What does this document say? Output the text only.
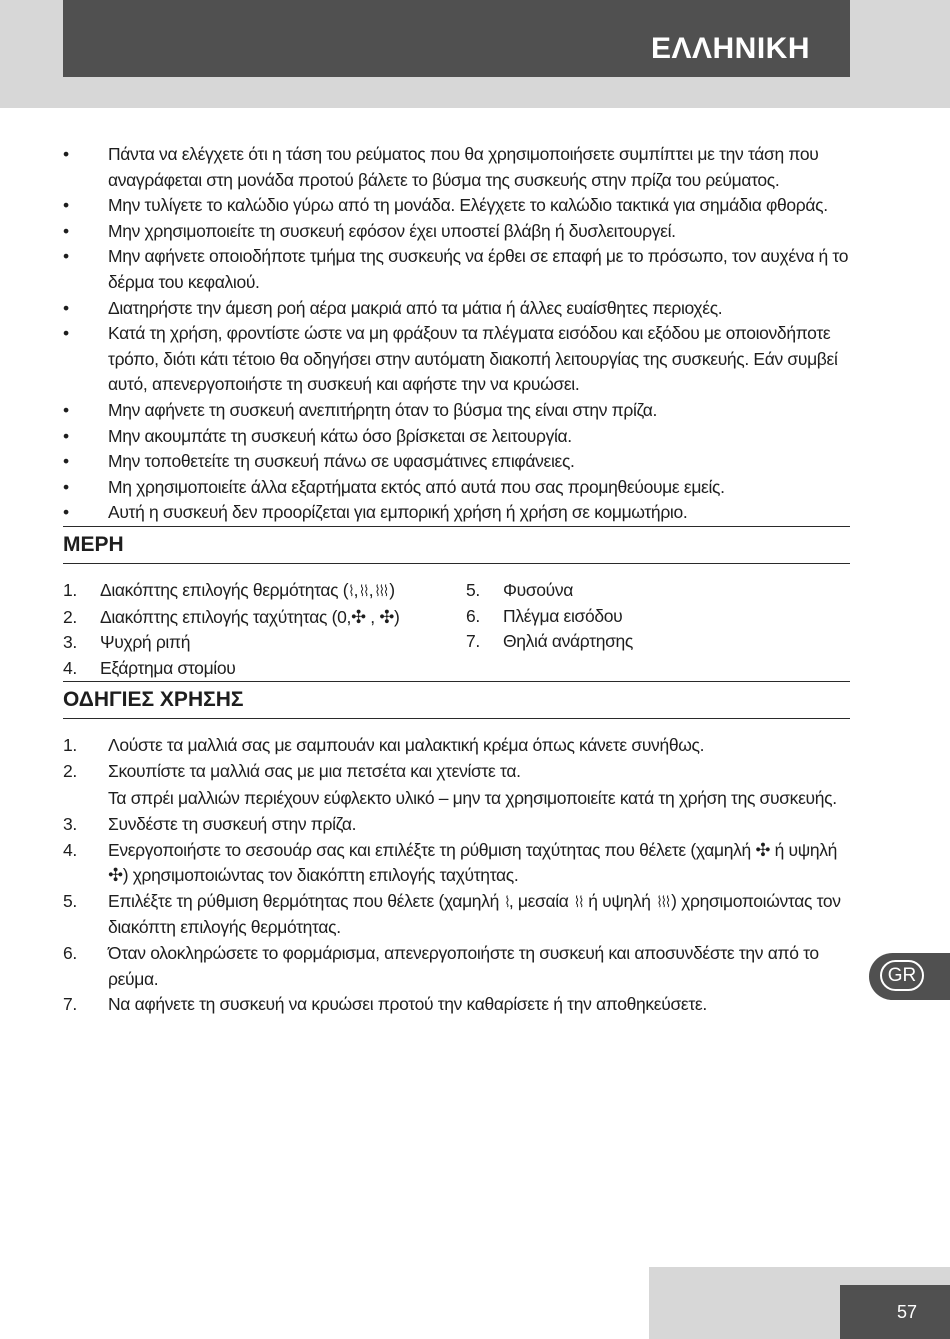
ΕΛΛΗΝΙΚΗ
• Πάντα να ελέγχετε ότι η τάση του ρεύματος που θα χρησιμοποιήσετε συμπίπτει με την τάση που αναγράφεται στη μονάδα προτού βάλετε το βύσμα της συσκευής στην πρίζα του ρεύματος.
• Μην τυλίγετε το καλώδιο γύρω από τη μονάδα. Ελέγχετε το καλώδιο τακτικά για σημάδια φθοράς.
• Μην χρησιμοποιείτε τη συσκευή εφόσον έχει υποστεί βλάβη ή δυσλειτουργεί.
• Μην αφήνετε οποιοδήποτε τμήμα της συσκευής να έρθει σε επαφή με το πρόσωπο, τον αυχένα ή το δέρμα του κεφαλιού.
• Διατηρήστε την άμεση ροή αέρα μακριά από τα μάτια ή άλλες ευαίσθητες περιοχές.
• Κατά τη χρήση, φροντίστε ώστε να μη φράξουν τα πλέγματα εισόδου και εξόδου με οποιονδήποτε τρόπο, διότι κάτι τέτοιο θα οδηγήσει στην αυτόματη διακοπή λειτουργίας της συσκευής. Εάν συμβεί αυτό, απενεργοποιήστε τη συσκευή και αφήστε την να κρυώσει.
• Μην αφήνετε τη συσκευή ανεπιτήρητη όταν το βύσμα της είναι στην πρίζα.
• Μην ακουμπάτε τη συσκευή κάτω όσο βρίσκεται σε λειτουργία.
• Μην τοποθετείτε τη συσκευή πάνω σε υφασμάτινες επιφάνειες.
• Μη χρησιμοποιείτε άλλα εξαρτήματα εκτός από αυτά που σας προμηθεύουμε εμείς.
• Αυτή η συσκευή δεν προορίζεται για εμπορική χρήση ή χρήση σε κομμωτήριο.
ΜΕΡΗ
1. Διακόπτης επιλογής θερμότητας (⌇,⌇⌇, ⌇⌇⌇)
2. Διακόπτης επιλογής ταχύτητας (0,✣ , ✣)
3. Ψυχρή ριπή
4. Εξάρτημα στομίου
5. Φυσούνα
6. Πλέγμα εισόδου
7. Θηλιά ανάρτησης
ΟΔΗΓΙΕΣ ΧΡΗΣΗΣ
1. Λούστε τα μαλλιά σας με σαμπουάν και μαλακτική κρέμα όπως κάνετε συνήθως.
2. Σκουπίστε τα μαλλιά σας με μια πετσέτα και χτενίστε τα.
Τα σπρέι μαλλιών περιέχουν εύφλεκτο υλικό – μην τα χρησιμοποιείτε κατά τη χρήση της συσκευής.
3. Συνδέστε τη συσκευή στην πρίζα.
4. Ενεργοποιήστε το σεσουάρ σας και επιλέξτε τη ρύθμιση ταχύτητας που θέλετε (χαμηλή ✣ ή υψηλή ✣) χρησιμοποιώντας τον διακόπτη επιλογής ταχύτητας.
5. Επιλέξτε τη ρύθμιση θερμότητας που θέλετε (χαμηλή ⌇, μεσαία ⌇⌇ ή υψηλή ⌇⌇⌇) χρησιμοποιώντας τον διακόπτη επιλογής θερμότητας.
6. Όταν ολοκληρώσετε το φορμάρισμα, απενεργοποιήστε τη συσκευή και αποσυνδέστε την από το ρεύμα.
7. Να αφήνετε τη συσκευή να κρυώσει προτού την καθαρίσετε ή την αποθηκεύσετε.
GR
57
